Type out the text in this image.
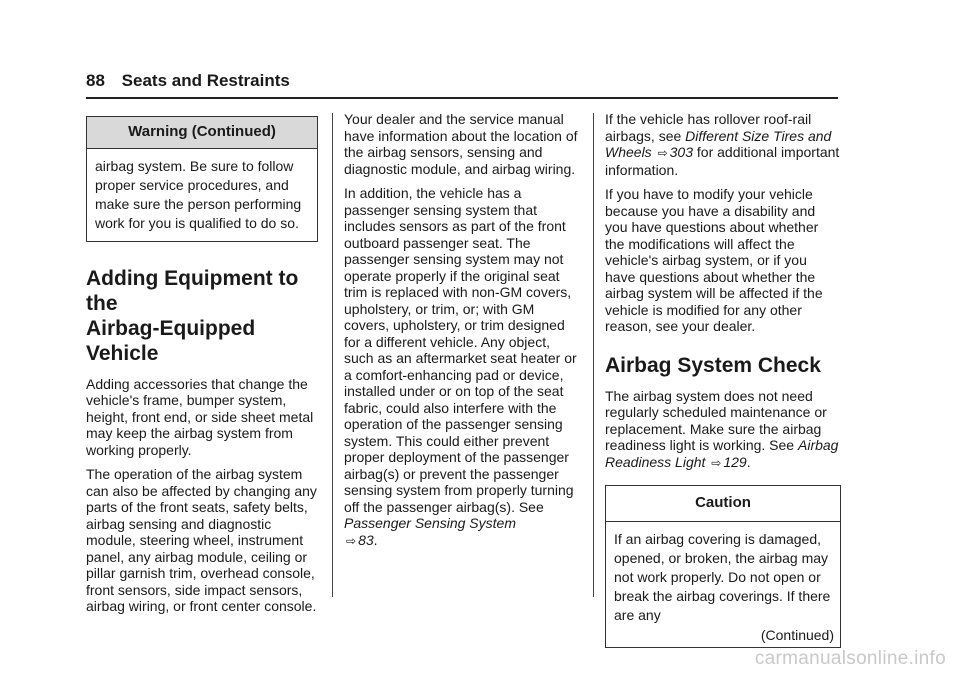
88 Seats and Restraints
Warning (Continued)
airbag system. Be sure to follow proper service procedures, and make sure the person performing work for you is qualified to do so.
Adding Equipment to the
Airbag-Equipped Vehicle

Adding accessories that change the vehicle's frame, bumper system, height, front end, or side sheet metal may keep the airbag system from working properly.

The operation of the airbag system can also be affected by changing any parts of the front seats, safety belts, airbag sensing and diagnostic module, steering wheel, instrument panel, any airbag module, ceiling or pillar garnish trim, overhead console, front sensors, side impact sensors, airbag wiring, or front center console.

Your dealer and the service manual have information about the location of the airbag sensors, sensing and diagnostic module, and airbag wiring.

In addition, the vehicle has a passenger sensing system that includes sensors as part of the front outboard passenger seat. The passenger sensing system may not operate properly if the original seat trim is replaced with non-GM covers, upholstery, or trim, or; with GM covers, upholstery, or trim designed for a different vehicle. Any object, such as an aftermarket seat heater or a comfort-enhancing pad or device, installed under or on top of the seat fabric, could also interfere with the operation of the passenger sensing system. This could either prevent proper deployment of the passenger airbag(s) or prevent the passenger sensing system from properly turning off the passenger airbag(s). See Passenger Sensing System
⇨ 83.

If the vehicle has rollover roof-rail airbags, see Different Size Tires and Wheels ⇨ 303 for additional important information.

If you have to modify your vehicle because you have a disability and you have questions about whether the modifications will affect the vehicle's airbag system, or if you have questions about whether the airbag system will be affected if the vehicle is modified for any other reason, see your dealer.

Airbag System Check

The airbag system does not need regularly scheduled maintenance or replacement. Make sure the airbag readiness light is working. See Airbag Readiness Light ⇨ 129.

Caution
If an airbag covering is damaged, opened, or broken, the airbag may not work properly. Do not open or break the airbag coverings. If there are any
(Continued)
carmanualsonline.info
